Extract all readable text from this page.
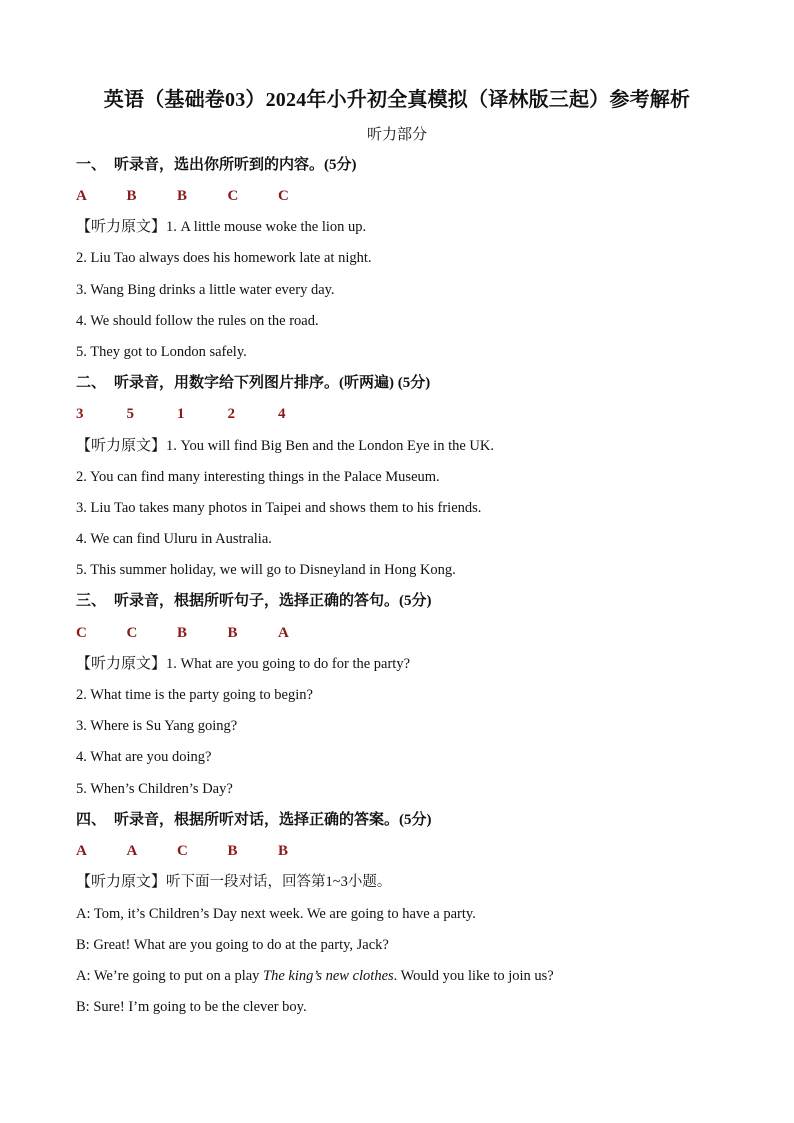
英语（基础卷03）2024年小升初全真模拟（译林版三起）参考解析
听力部分
一、 听录音，选出你所听到的内容。(5分)
A	B	B	C	C
【听力原文】1. A little mouse woke the lion up.
2. Liu Tao always does his homework late at night.
3. Wang Bing drinks a little water every day.
4. We should follow the rules on the road.
5. They got to London safely.
二、 听录音，用数字给下列图片排序。(听两遍) (5分)
3	5	1	2	4
【听力原文】1. You will find Big Ben and the London Eye in the UK.
2. You can find many interesting things in the Palace Museum.
3. Liu Tao takes many photos in Taipei and shows them to his friends.
4. We can find Uluru in Australia.
5. This summer holiday, we will go to Disneyland in Hong Kong.
三、 听录音，根据所听句子，选择正确的答句。(5分)
C	C	B	B	A
【听力原文】1. What are you going to do for the party?
2. What time is the party going to begin?
3. Where is Su Yang going?
4. What are you doing?
5. When’s Children’s Day?
四、 听录音，根据所听对话，选择正确的答案。(5分)
A	A	C	B	B
【听力原文】听下面一段对话，回答第1~3小题。
A: Tom, it’s Children’s Day next week. We are going to have a party.
B: Great! What are you going to do at the party, Jack?
A: We’re going to put on a play The king’s new clothes. Would you like to join us?
B: Sure! I’m going to be the clever boy.
